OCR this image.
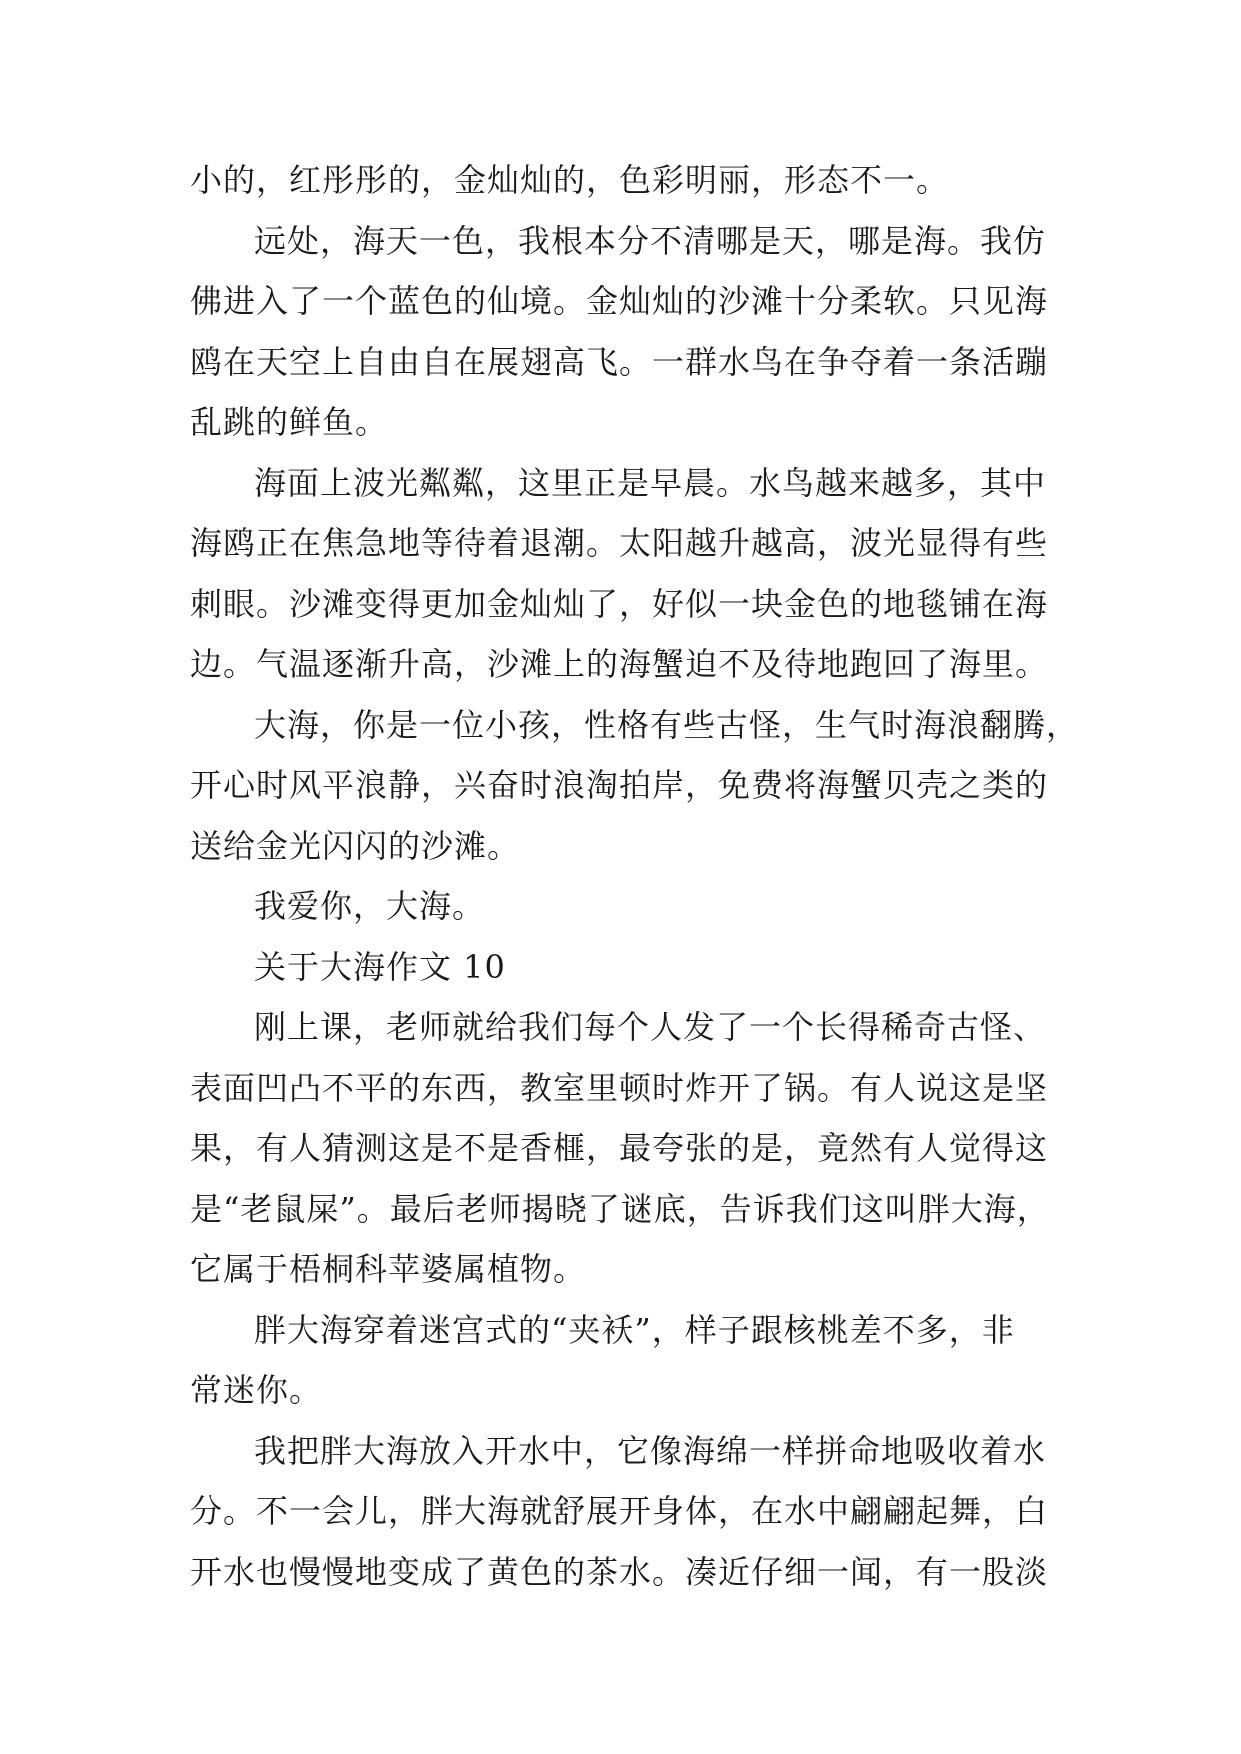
小的，红彤彤的，金灿灿的，色彩明丽，形态不一。
远处，海天一色，我根本分不清哪是天，哪是海。我仿
佛进入了一个蓝色的仙境。金灿灿的沙滩十分柔软。只见海
鸥在天空上自由自在展翅高飞。一群水鸟在争夺着一条活蹦
乱跳的鲜鱼。
海面上波光粼粼，这里正是早晨。水鸟越来越多，其中
海鸥正在焦急地等待着退潮。太阳越升越高，波光显得有些
刺眼。沙滩变得更加金灿灿了，好似一块金色的地毯铺在海
边。气温逐渐升高，沙滩上的海蟹迫不及待地跑回了海里。
大海，你是一位小孩，性格有些古怪，生气时海浪翻腾，
开心时风平浪静，兴奋时浪淘拍岸，免费将海蟹贝壳之类的
送给金光闪闪的沙滩。
我爱你，大海。
关于大海作文 10
刚上课，老师就给我们每个人发了一个长得稀奇古怪、
表面凹凸不平的东西，教室里顿时炸开了锅。有人说这是坚
果，有人猜测这是不是香榧，最夸张的是，竟然有人觉得这
是“老鼠屎”。最后老师揭晓了谜底，告诉我们这叫胖大海，
它属于梧桐科苹婆属植物。
胖大海穿着迷宫式的“夹袄”，样子跟核桃差不多，非
常迷你。
我把胖大海放入开水中，它像海绵一样拼命地吸收着水
分。不一会儿，胖大海就舒展开身体，在水中翩翩起舞，白
开水也慢慢地变成了黄色的茶水。凑近仔细一闻，有一股淡
